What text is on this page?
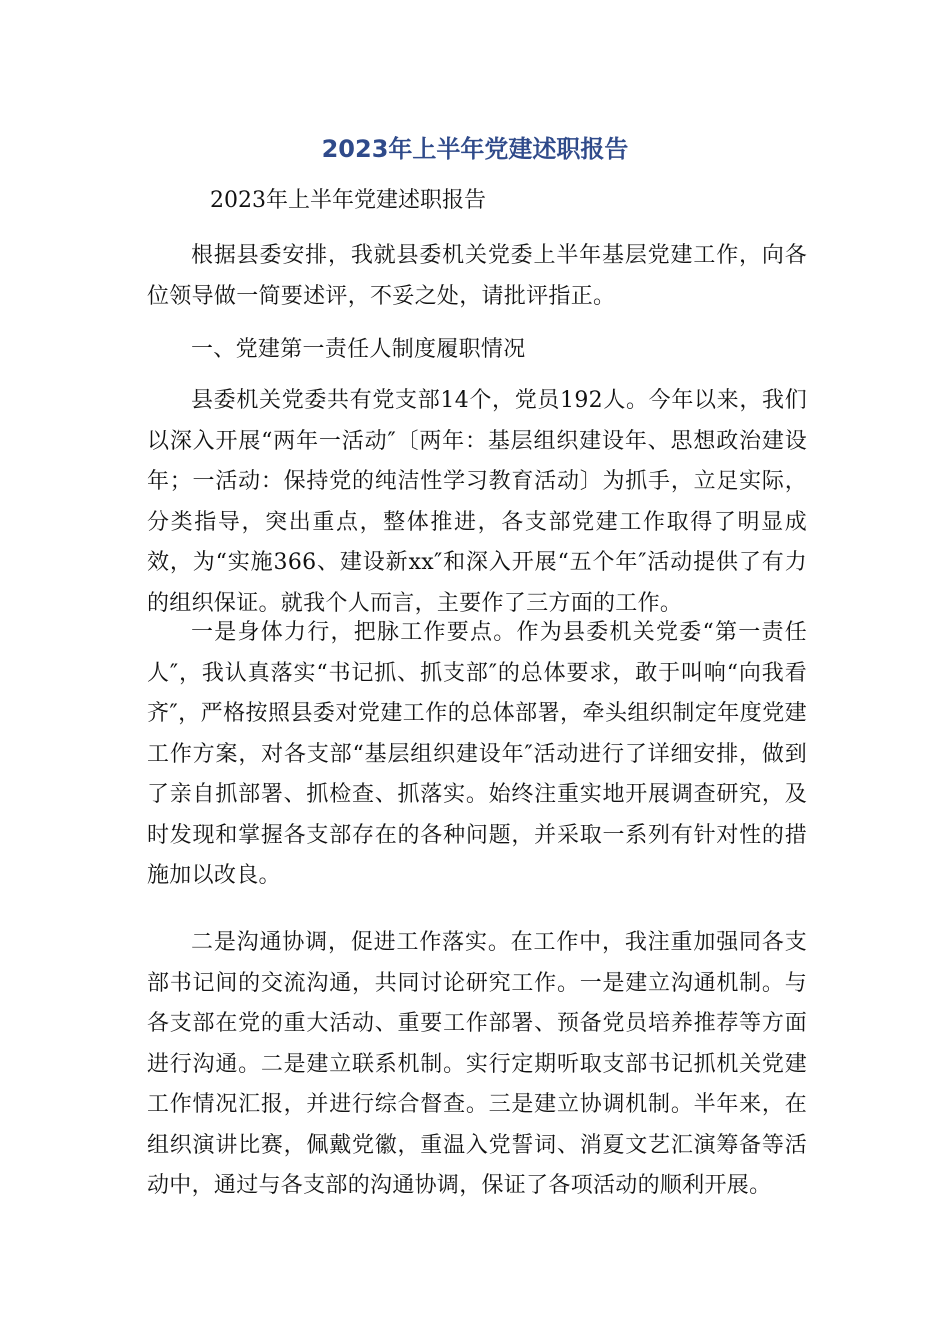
2023年上半年党建述职报告

2023年上半年党建述职报告

根据县委安排，我就县委机关党委上半年基层党建工作，向各位领导做一简要述评，不妥之处，请批评指正。

一、党建第一责任人制度履职情况

县委机关党委共有党支部14个，党员192人。今年以来，我们以深入开展“两年一活动″〔两年：基层组织建设年、思想政治建设年；一活动：保持党的纯洁性学习教育活动〕为抓手，立足实际，分类指导，突出重点，整体推进，各支部党建工作取得了明显成效，为“实施366、建设新xx″和深入开展“五个年″活动提供了有力的组织保证。就我个人而言，主要作了三方面的工作。

一是身体力行，把脉工作要点。作为县委机关党委“第一责任人″，我认真落实“书记抓、抓支部″的总体要求，敢于叫响“向我看齐″，严格按照县委对党建工作的总体部署，牵头组织制定年度党建工作方案，对各支部“基层组织建设年″活动进行了详细安排，做到了亲自抓部署、抓检查、抓落实。始终注重实地开展调查研究，及时发现和掌握各支部存在的各种问题，并采取一系列有针对性的措施加以改良。

二是沟通协调，促进工作落实。在工作中，我注重加强同各支部书记间的交流沟通，共同讨论研究工作。一是建立沟通机制。与各支部在党的重大活动、重要工作部署、预备党员培养推荐等方面进行沟通。二是建立联系机制。实行定期听取支部书记抓机关党建工作情况汇报，并进行综合督查。三是建立协调机制。半年来，在组织演讲比赛，佩戴党徽，重温入党誓词、消夏文艺汇演筹备等活动中，通过与各支部的沟通协调，保证了各项活动的顺利开展。
